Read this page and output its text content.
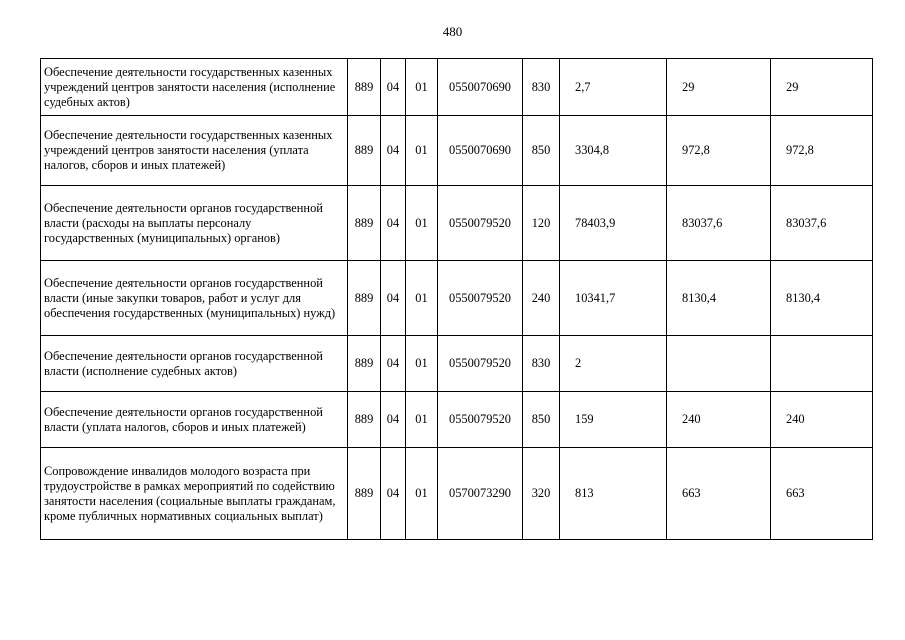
480
Обеспечение деятельности государственных казенных учреждений центров занятости населения (исполнение судебных актов)	889	04	01	0550070690	830	2,7	29	29
Обеспечение деятельности государственных казенных учреждений центров занятости населения (уплата налогов, сборов и иных платежей)	889	04	01	0550070690	850	3304,8	972,8	972,8
Обеспечение деятельности органов государственной власти (расходы на выплаты персоналу государственных (муниципальных) органов)	889	04	01	0550079520	120	78403,9	83037,6	83037,6
Обеспечение деятельности органов государственной власти (иные закупки товаров, работ и услуг для обеспечения государственных (муниципальных) нужд)	889	04	01	0550079520	240	10341,7	8130,4	8130,4
Обеспечение деятельности органов государственной власти (исполнение судебных актов)	889	04	01	0550079520	830	2		
Обеспечение деятельности органов государственной власти (уплата налогов, сборов и иных платежей)	889	04	01	0550079520	850	159	240	240
Сопровождение инвалидов молодого возраста при трудоустройстве в рамках мероприятий по содействию занятости населения (социальные выплаты гражданам, кроме публичных нормативных социальных выплат)	889	04	01	0570073290	320	813	663	663
